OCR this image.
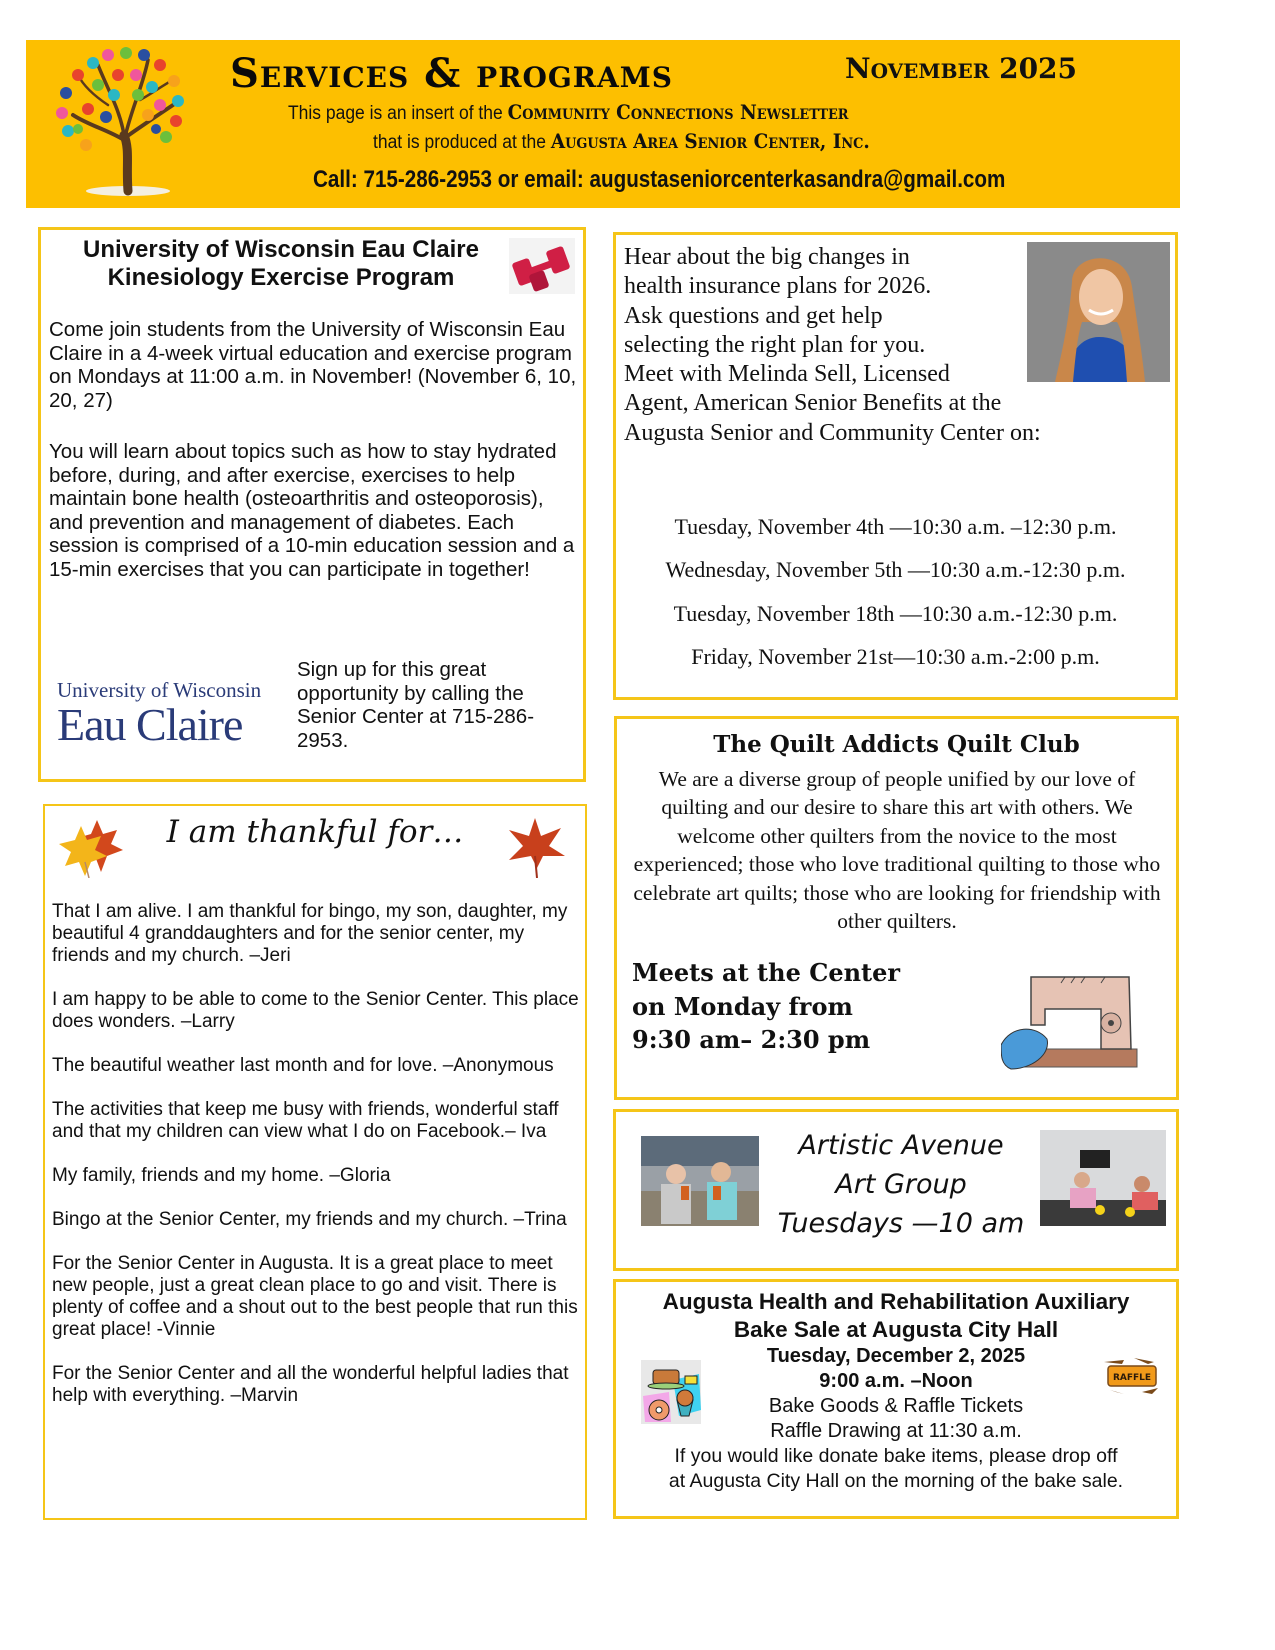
Services & programs	November 2025
This page is an insert of the Community Connections Newsletter
that is produced at the Augusta Area Senior Center, Inc.
Call: 715-286-2953 or email: augustaseniorcenterkasandra@gmail.com
University of Wisconsin Eau Claire
Kinesiology Exercise Program
Come join students from the University of Wisconsin Eau Claire in a 4-week virtual education and exercise program on Mondays at 11:00 a.m. in November! (November 6, 10, 20, 27)
You will learn about topics such as how to stay hydrated before, during, and after exercise, exercises to help maintain bone health (osteoarthritis and osteoporosis), and prevention and management of diabetes. Each session is comprised of a 10-min education session and a 15-min exercises that you can participate in together!
University of Wisconsin
Eau Claire
Sign up for this great opportunity by calling the Senior Center at 715-286-2953.
I am thankful for…

That I am alive. I am thankful for bingo, my son, daughter, my beautiful 4 granddaughters and for the senior center, my friends and my church. –Jeri

I am happy to be able to come to the Senior Center. This place does wonders. –Larry

The beautiful weather last month and for love. –Anonymous

The activities that keep me busy with friends, wonderful staff and that my children can view what I do on Facebook.– Iva

My family, friends and my home. –Gloria

Bingo at the Senior Center, my friends and my church. –Trina

For the Senior Center in Augusta. It is a great place to meet new people, just a great clean place to go and visit. There is plenty of coffee and a shout out to the best people that run this great place! -Vinnie

For the Senior Center and all the wonderful helpful ladies that help with everything. –Marvin

Hear about the big changes in
health insurance plans for 2026.
Ask questions and get help
selecting the right plan for you.
Meet with Melinda Sell, Licensed
Agent, American Senior Benefits at the
Augusta Senior and Community Center on:
Tuesday, November 4th —10:30 a.m. –12:30 p.m.
Wednesday, November 5th —10:30 a.m.-12:30 p.m.
Tuesday, November 18th —10:30 a.m.-12:30 p.m.
Friday, November 21st—10:30 a.m.-2:00 p.m.
The Quilt Addicts Quilt Club
We are a diverse group of people unified by our love of quilting and our desire to share this art with others. We welcome other quilters from the novice to the most experienced; those who love traditional quilting to those who celebrate art quilts; those who are looking for friendship with other quilters.
Meets at the Center
on Monday from
9:30 am– 2:30 pm
Artistic Avenue
Art Group
Tuesdays —10 am
Augusta Health and Rehabilitation Auxiliary
Bake Sale at Augusta City Hall
Tuesday, December 2, 2025
9:00 a.m. –Noon
Bake Goods & Raffle Tickets
Raffle Drawing at 11:30 a.m.
If you would like donate bake items, please drop off
at Augusta City Hall on the morning of the bake sale.
RAFFLE
